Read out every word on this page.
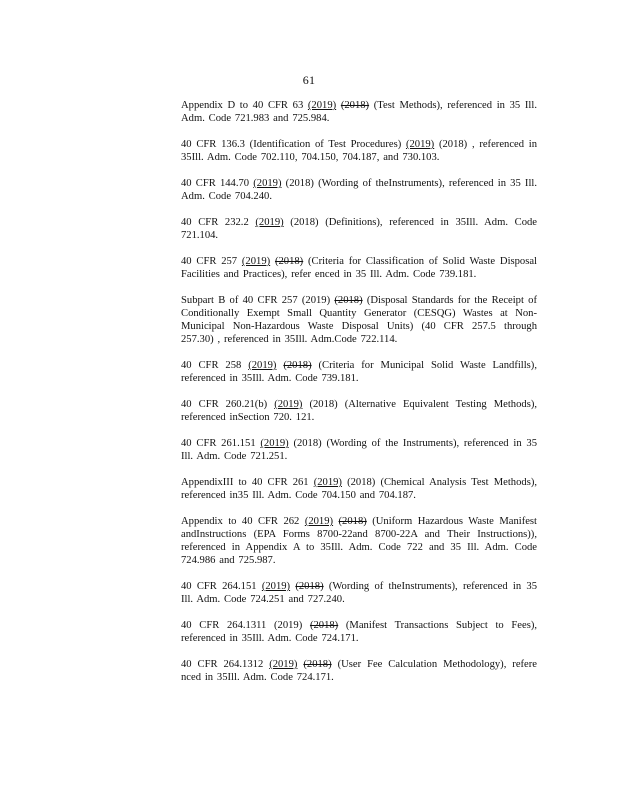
61

Appendix D to 40 CFR 63 (2019) (2018) (Test Methods), referenced in 35 Ill. Adm. Code 721.983 and 725.984.

40 CFR 136.3 (Identification of Test Procedures) (2019) (2018) , referenced in 35Ill. Adm. Code 702.110, 704.150, 704.187, and 730.103.

40 CFR 144.70 (2019) (2018) (Wording of theInstruments), referenced in 35 Ill. Adm. Code 704.240.

40 CFR 232.2 (2019) (2018) (Definitions), referenced in 35Ill. Adm. Code 721.104.

40 CFR 257 (2019) (2018) (Criteria for Classification of Solid Waste Disposal Facilities and Practices), refer enced in 35 Ill. Adm. Code 739.181.

Subpart B of 40 CFR 257 (2019) (2018) (Disposal Standards for the Receipt of Conditionally Exempt Small Quantity Generator (CESQG) Wastes at Non-Municipal Non-Hazardous Waste Disposal Units) (40 CFR 257.5 through 257.30) , referenced in 35Ill. Adm.Code 722.114.

40 CFR 258 (2019) (2018) (Criteria for Municipal Solid Waste Landfills), referenced in 35Ill. Adm. Code 739.181.

40 CFR 260.21(b) (2019) (2018) (Alternative Equivalent Testing Methods), referenced inSection 720. 121.

40 CFR 261.151 (2019) (2018) (Wording of the Instruments), referenced in 35 Ill. Adm. Code 721.251.

AppendixIII to 40 CFR 261 (2019) (2018) (Chemical Analysis Test Methods), referenced in35 Ill. Adm. Code 704.150 and 704.187.

Appendix to 40 CFR 262 (2019) (2018) (Uniform Hazardous Waste Manifest andInstructions (EPA Forms 8700-22and 8700-22A and Their Instructions)), referenced in Appendix A to 35Ill. Adm. Code 722 and 35 Ill. Adm. Code 724.986 and 725.987.

40 CFR 264.151 (2019) (2018) (Wording of theInstruments), referenced in 35 Ill. Adm. Code 724.251 and 727.240.

40 CFR 264.1311 (2019) (2018) (Manifest Transactions Subject to Fees), referenced in 35Ill. Adm. Code 724.171.

40 CFR 264.1312 (2019) (2018) (User Fee Calculation Methodology), refere nced in 35Ill. Adm. Code 724.171.
